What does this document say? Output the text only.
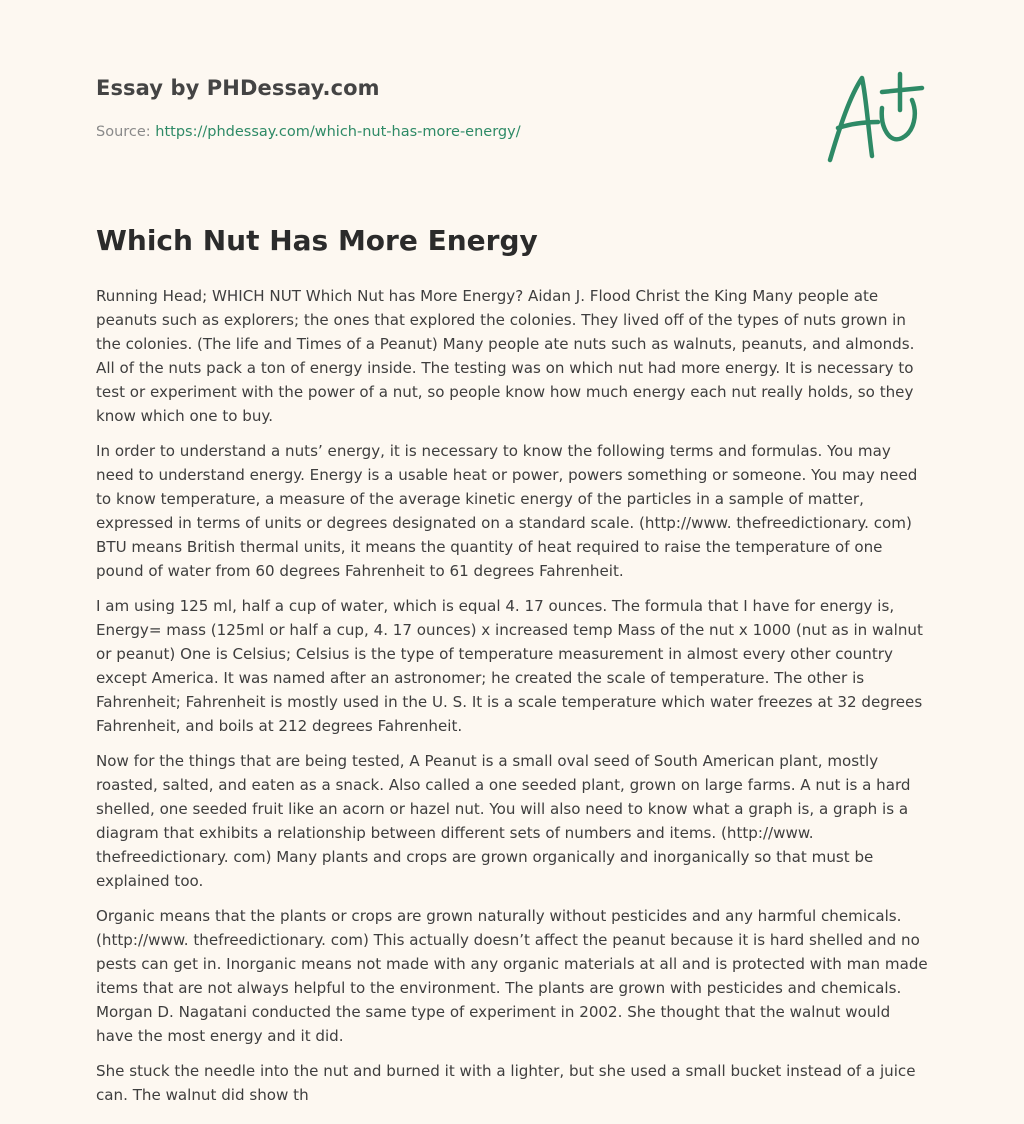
Essay by PHDessay.com
Source: https://phdessay.com/which-nut-has-more-energy/
Which Nut Has More Energy

Running Head; WHICH NUT Which Nut has More Energy? Aidan J. Flood Christ the King Many people ate peanuts such as explorers; the ones that explored the colonies. They lived off of the types of nuts grown in the colonies. (The life and Times of a Peanut) Many people ate nuts such as walnuts, peanuts, and almonds. All of the nuts pack a ton of energy inside. The testing was on which nut had more energy. It is necessary to test or experiment with the power of a nut, so people know how much energy each nut really holds, so they know which one to buy.

In order to understand a nuts’ energy, it is necessary to know the following terms and formulas. You may need to understand energy. Energy is a usable heat or power, powers something or someone. You may need to know temperature, a measure of the average kinetic energy of the particles in a sample of matter, expressed in terms of units or degrees designated on a standard scale. (http://www. thefreedictionary. com) BTU means British thermal units, it means the quantity of heat required to raise the temperature of one pound of water from 60 degrees Fahrenheit to 61 degrees Fahrenheit.

I am using 125 ml, half a cup of water, which is equal 4. 17 ounces. The formula that I have for energy is, Energy= mass (125ml or half a cup, 4. 17 ounces) x increased temp Mass of the nut x 1000 (nut as in walnut or peanut) One is Celsius; Celsius is the type of temperature measurement in almost every other country except America. It was named after an astronomer; he created the scale of temperature. The other is Fahrenheit; Fahrenheit is mostly used in the U. S. It is a scale temperature which water freezes at 32 degrees Fahrenheit, and boils at 212 degrees Fahrenheit.

Now for the things that are being tested, A Peanut is a small oval seed of South American plant, mostly roasted, salted, and eaten as a snack. Also called a one seeded plant, grown on large farms. A nut is a hard shelled, one seeded fruit like an acorn or hazel nut. You will also need to know what a graph is, a graph is a diagram that exhibits a relationship between different sets of numbers and items. (http://www. thefreedictionary. com) Many plants and crops are grown organically and inorganically so that must be explained too.

Organic means that the plants or crops are grown naturally without pesticides and any harmful chemicals. (http://www. thefreedictionary. com) This actually doesn’t affect the peanut because it is hard shelled and no pests can get in. Inorganic means not made with any organic materials at all and is protected with man made items that are not always helpful to the environment. The plants are grown with pesticides and chemicals. Morgan D. Nagatani conducted the same type of experiment in 2002. She thought that the walnut would have the most energy and it did.

She stuck the needle into the nut and burned it with a lighter, but she used a small bucket instead of a juice can. The walnut did show th
